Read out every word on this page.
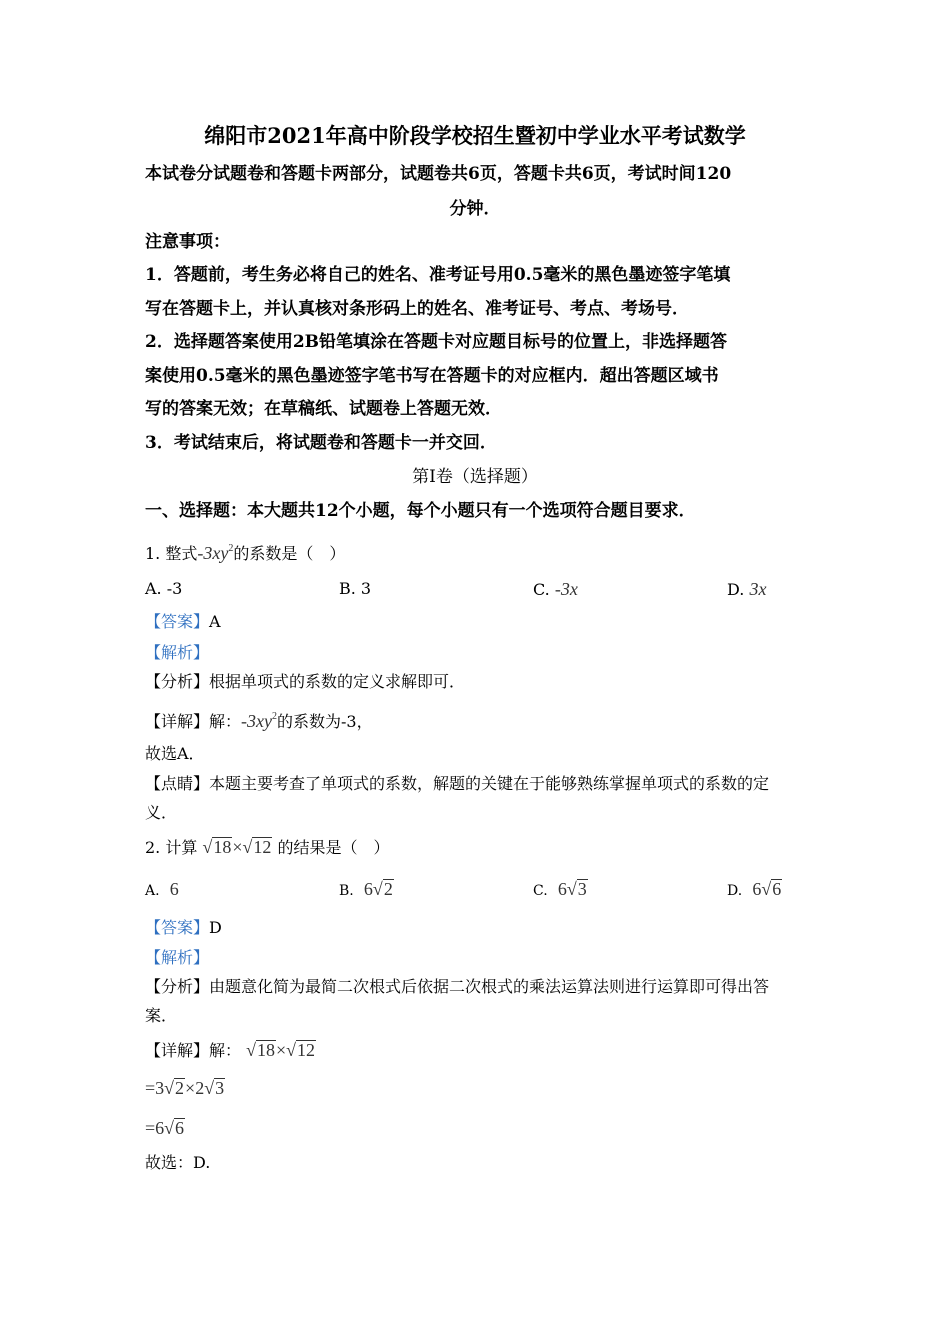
绵阳市2021年高中阶段学校招生暨初中学业水平考试数学
本试卷分试题卷和答题卡两部分，试题卷共6页，答题卡共6页，考试时间120
分钟．
注意事项：
1．答题前，考生务必将自己的姓名、准考证号用0.5毫米的黑色墨迹签字笔填
写在答题卡上，并认真核对条形码上的姓名、准考证号、考点、考场号．
2．选择题答案使用2B铅笔填涂在答题卡对应题目标号的位置上，非选择题答
案使用0.5毫米的黑色墨迹签字笔书写在答题卡的对应框内．超出答题区域书
写的答案无效；在草稿纸、试题卷上答题无效．
3．考试结束后，将试题卷和答题卡一并交回．
第Ⅰ卷（选择题）
一、选择题：本大题共12个小题，每个小题只有一个选项符合题目要求．
1. 整式$-3xy^2$的系数是（　）
A. -3	B. 3	C. -3x	D. 3x
【答案】A
【解析】
【分析】根据单项式的系数的定义求解即可．
【详解】解：$-3xy^2$的系数为-3，
故选A．
【点睛】本题主要考查了单项式的系数，解题的关键在于能够熟练掌握单项式的系数的定
义．
2. 计算 √18×√12 的结果是（　）
A. 6	B. 6√2	C. 6√3	D. 6√6
【答案】D
【解析】
【分析】由题意化简为最简二次根式后依据二次根式的乘法运算法则进行运算即可得出答
案．
【详解】解： √18×√12
=3√2×2√3
=6√6
故选：D.
